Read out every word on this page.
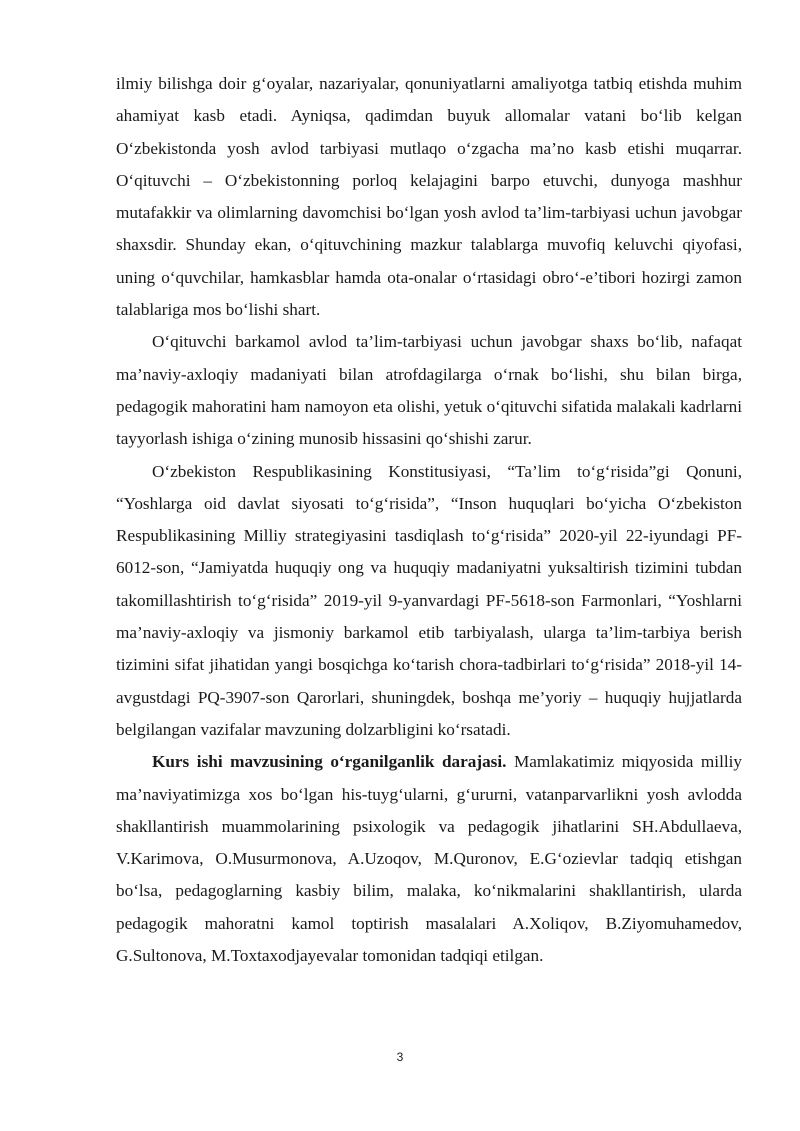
ilmiy bilishga doir g‘oyalar, nazariyalar, qonuniyatlarni amaliyotga tatbiq etishda muhim ahamiyat kasb etadi. Ayniqsa, qadimdan buyuk allomalar vatani bo‘lib kelgan O‘zbekistonda yosh avlod tarbiyasi mutlaqo o‘zgacha ma’no kasb etishi muqarrar. O‘qituvchi – O‘zbekistonning porloq kelajagini barpo etuvchi, dunyoga mashhur mutafakkir va olimlarning davomchisi bo‘lgan yosh avlod ta’lim-tarbiyasi uchun javobgar shaxsdir. Shunday ekan, o‘qituvchining mazkur talablarga muvofiq keluvchi qiyofasi, uning o‘quvchilar, hamkasblar hamda ota-onalar o‘rtasidagi obro‘-e’tibori hozirgi zamon talablariga mos bo‘lishi shart.

O‘qituvchi barkamol avlod ta’lim-tarbiyasi uchun javobgar shaxs bo‘lib, nafaqat ma’naviy-axloqiy madaniyati bilan atrofdagilarga o‘rnak bo‘lishi, shu bilan birga, pedagogik mahoratini ham namoyon eta olishi, yetuk o‘qituvchi sifatida malakali kadrlarni tayyorlash ishiga o‘zining munosib hissasini qo‘shishi zarur.

O‘zbekiston Respublikasining Konstitusiyasi, “Ta’lim to‘g‘risida”gi Qonuni, “Yoshlarga oid davlat siyosati to‘g‘risida”, “Inson huquqlari bo‘yicha O‘zbekiston Respublikasining Milliy strategiyasini tasdiqlash to‘g‘risida” 2020-yil 22-iyundagi PF-6012-son, “Jamiyatda huquqiy ong va huquqiy madaniyatni yuksaltirish tizimini tubdan takomillashtirish to‘g‘risida” 2019-yil 9-yanvardagi PF-5618-son Farmonlari, “Yoshlarni ma’naviy-axloqiy va jismoniy barkamol etib tarbiyalash, ularga ta’lim-tarbiya berish tizimini sifat jihatidan yangi bosqichga ko‘tarish chora-tadbirlari to‘g‘risida” 2018-yil 14-avgustdagi PQ-3907-son Qarorlari, shuningdek, boshqa me’yoriy – huquqiy hujjatlarda belgilangan vazifalar mavzuning dolzarbligini ko‘rsatadi.

Kurs ishi mavzusining o‘rganilganlik darajasi. Mamlakatimiz miqyosida milliy ma’naviyatimizga xos bo‘lgan his-tuyg‘ularni, g‘ururni, vatanparvarlikni yosh avlodda shakllantirish muammolarining psixologik va pedagogik jihatlarini SH.Abdullaeva, V.Karimova, O.Musurmonova, A.Uzoqov, M.Quronov, E.G‘ozievlar tadqiq etishgan bo‘lsa, pedagoglarning kasbiy bilim, malaka, ko‘nikmalarini shakllantirish, ularda pedagogik mahoratni kamol toptirish masalalari A.Xoliqov, B.Ziyomuhamedov, G.Sultonova, M.Toxtaxodjayevalar tomonidan tadqiqi etilgan.

3
